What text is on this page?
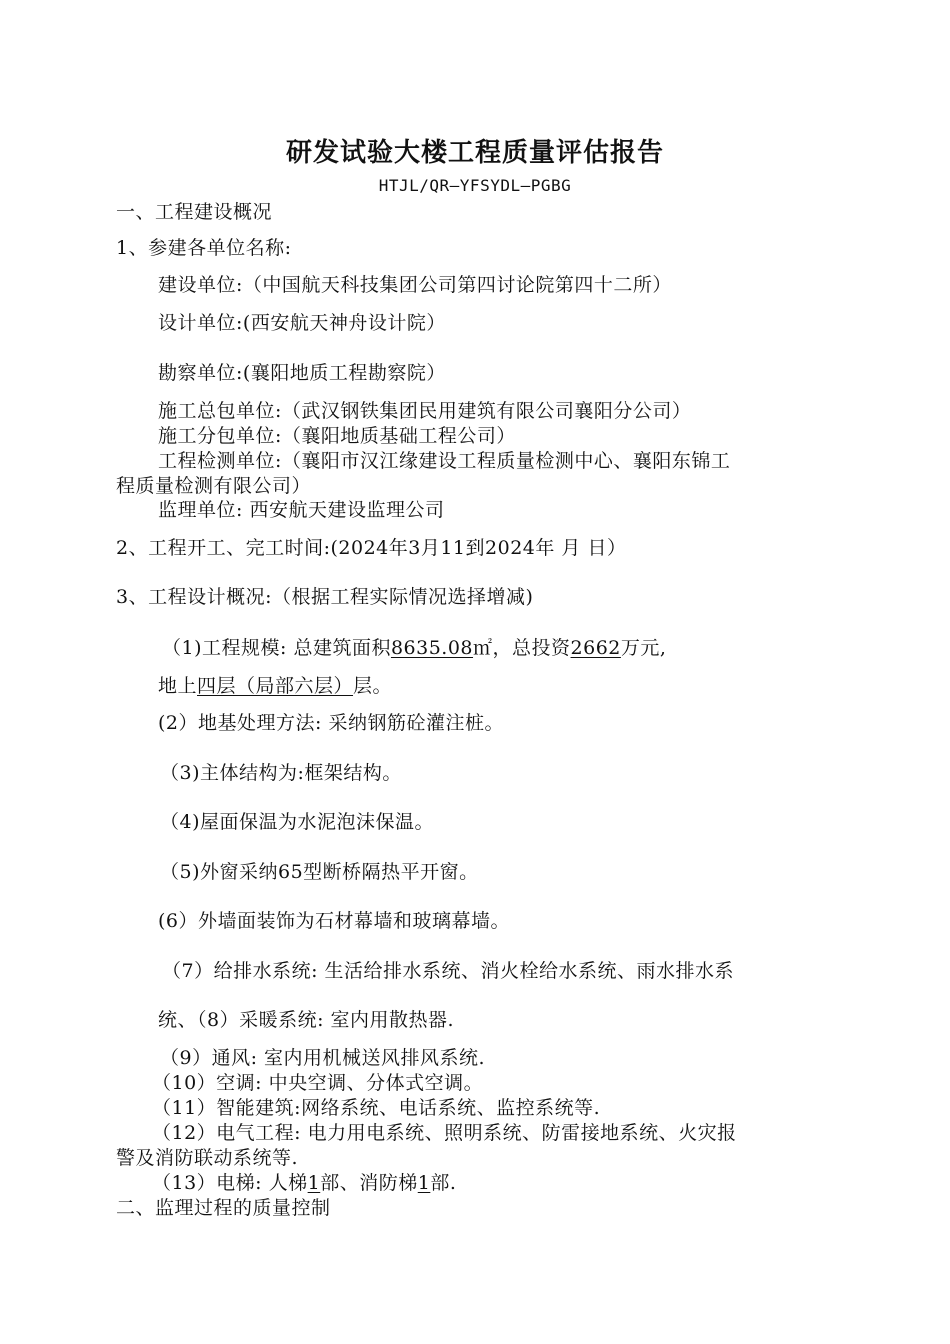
研发试验大楼工程质量评估报告
HTJL/QR—YFSYDL—PGBG
一、工程建设概况
1、参建各单位名称:
建设单位:（中国航天科技集团公司第四讨论院第四十二所）
设计单位:(西安航天神舟设计院）
勘察单位:(襄阳地质工程勘察院）
施工总包单位:（武汉钢铁集团民用建筑有限公司襄阳分公司）
施工分包单位:（襄阳地质基础工程公司）
工程检测单位:（襄阳市汉江缘建设工程质量检测中心、襄阳东锦工
程质量检测有限公司）
监理单位: 西安航天建设监理公司
2、工程开工、完工时间:(2024年3月11到2024年 月 日）
3、工程设计概况:（根据工程实际情况选择增减)
（1)工程规模: 总建筑面积8635.08㎡，总投资2662万元,
地上四层（局部六层）层。
(2）地基处理方法: 采纳钢筋砼灌注桩。
（3)主体结构为:框架结构。
（4)屋面保温为水泥泡沫保温。
（5)外窗采纳65型断桥隔热平开窗。
(6）外墙面装饰为石材幕墙和玻璃幕墙。
（7）给排水系统: 生活给排水系统、消火栓给水系统、雨水排水系
统、（8）采暖系统: 室内用散热器.
（9）通风: 室内用机械送风排风系统.
（10）空调: 中央空调、分体式空调。
（11）智能建筑:网络系统、电话系统、监控系统等.
（12）电气工程: 电力用电系统、照明系统、防雷接地系统、火灾报
警及消防联动系统等.
（13）电梯: 人梯1部、消防梯1部.
二、监理过程的质量控制
